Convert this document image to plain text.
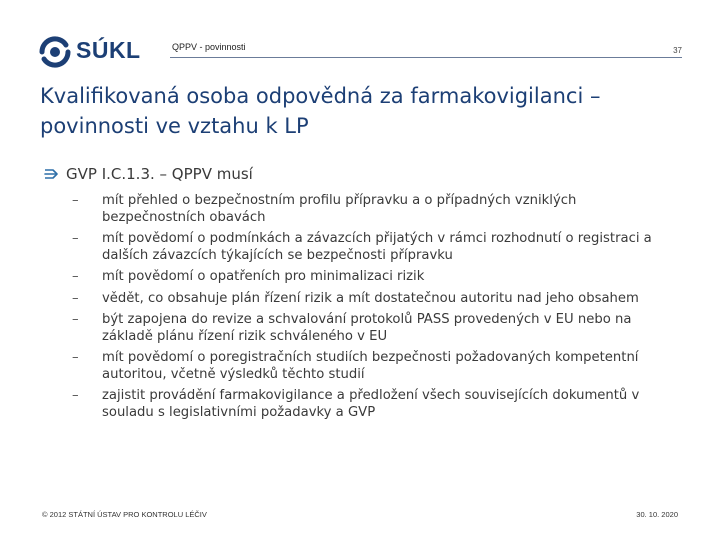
SÚKL	QPPV - povinnosti	37
Kvalifikovaná osoba odpovědná za farmakovigilanci – povinnosti ve vztahu k LP
GVP I.C.1.3. – QPPV musí
– mít přehled o bezpečnostním profilu přípravku a o případných vzniklých bezpečnostních obavách
– mít povědomí o podmínkách a závazcích přijatých v rámci rozhodnutí o registraci a dalších závazcích týkajících se bezpečnosti přípravku
– mít povědomí o opatřeních pro minimalizaci rizik
– vědět, co obsahuje plán řízení rizik a mít dostatečnou autoritu nad jeho obsahem
– být zapojena do revize a schvalování protokolů PASS provedených v EU nebo na základě plánu řízení rizik schváleného v EU
– mít povědomí o poregistračních studiích bezpečnosti požadovaných kompetentní autoritou, včetně výsledků těchto studií
– zajistit provádění farmakovigilance a předložení všech souvisejících dokumentů v souladu s legislativními požadavky a GVP
© 2012 STÁTNÍ ÚSTAV PRO KONTROLU LÉČIV	30. 10. 2020
